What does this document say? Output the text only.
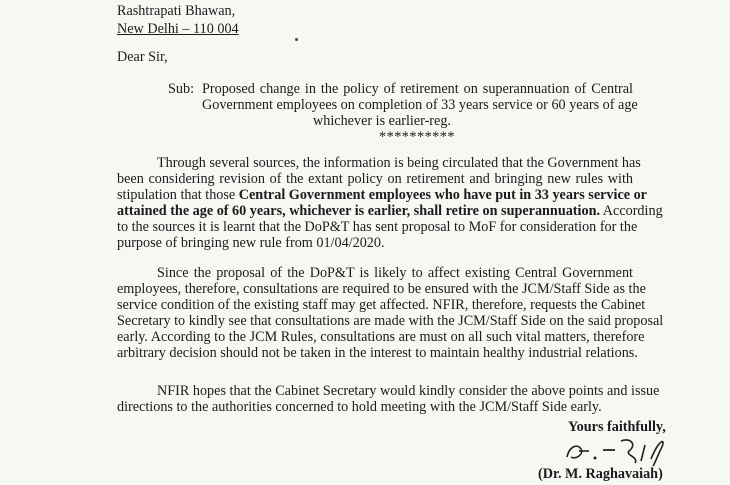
Rashtrapati Bhawan,
New Delhi – 110 004
Dear Sir,
Sub: Proposed change in the policy of retirement on superannuation of Central
Government employees on completion of 33 years service or 60 years of age
whichever is earlier-reg.
**********
Through several sources, the information is being circulated that the Government has
been considering revision of the extant policy on retirement and bringing new rules with
stipulation that those Central Government employees who have put in 33 years service or
attained the age of 60 years, whichever is earlier, shall retire on superannuation. According
to the sources it is learnt that the DoP&T has sent proposal to MoF for consideration for the
purpose of bringing new rule from 01/04/2020.
Since the proposal of the DoP&T is likely to affect existing Central Government
employees, therefore, consultations are required to be ensured with the JCM/Staff Side as the
service condition of the existing staff may get affected. NFIR, therefore, requests the Cabinet
Secretary to kindly see that consultations are made with the JCM/Staff Side on the said proposal
early. According to the JCM Rules, consultations are must on all such vital matters, therefore
arbitrary decision should not be taken in the interest to maintain healthy industrial relations.
NFIR hopes that the Cabinet Secretary would kindly consider the above points and issue
directions to the authorities concerned to hold meeting with the JCM/Staff Side early.
Yours faithfully,
(Dr. M. Raghavaiah)
